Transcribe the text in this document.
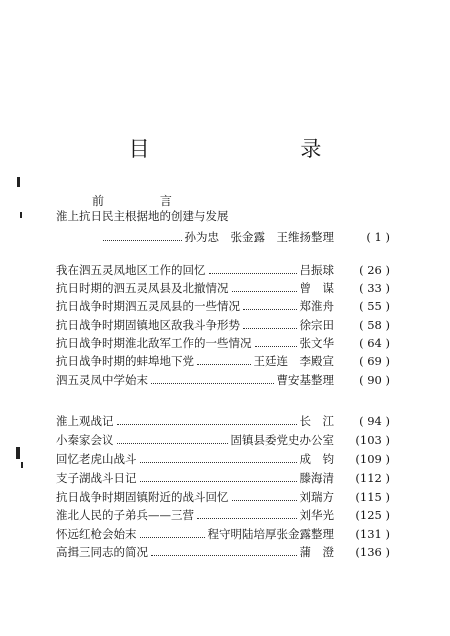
目 录
前 言
淮上抗日民主根据地的创建与发展
孙为忠　张金露　王维扬整理	( 1 )
我在泗五灵凤地区工作的回忆	吕振球	( 26 )
抗日时期的泗五灵凤县及北撤情况	曾　谋	( 33 )
抗日战争时期泗五灵凤县的一些情况	郑淮舟	( 55 )
抗日战争时期固镇地区敌我斗争形势	徐宗田	( 58 )
抗日战争时期淮北敌军工作的一些情况	张文华	( 64 )
抗日战争时期的蚌埠地下党	王廷连　李殿宣	( 69 )
泗五灵凤中学始末	曹安基整理	( 90 )
淮上观战记	长　江	( 94 )
小秦家会议	固镇县委党史办公室	(103 )
回忆老虎山战斗	成　钧	(109 )
支子湖战斗日记	滕海清	(112 )
抗日战争时期固镇附近的战斗回忆	刘瑞方	(115 )
淮北人民的子弟兵——三营	刘华光	(125 )
怀远红枪会始末	程守明陆培厚张金露整理	(131 )
高揖三同志的简况	蒲　澄	(136 )
